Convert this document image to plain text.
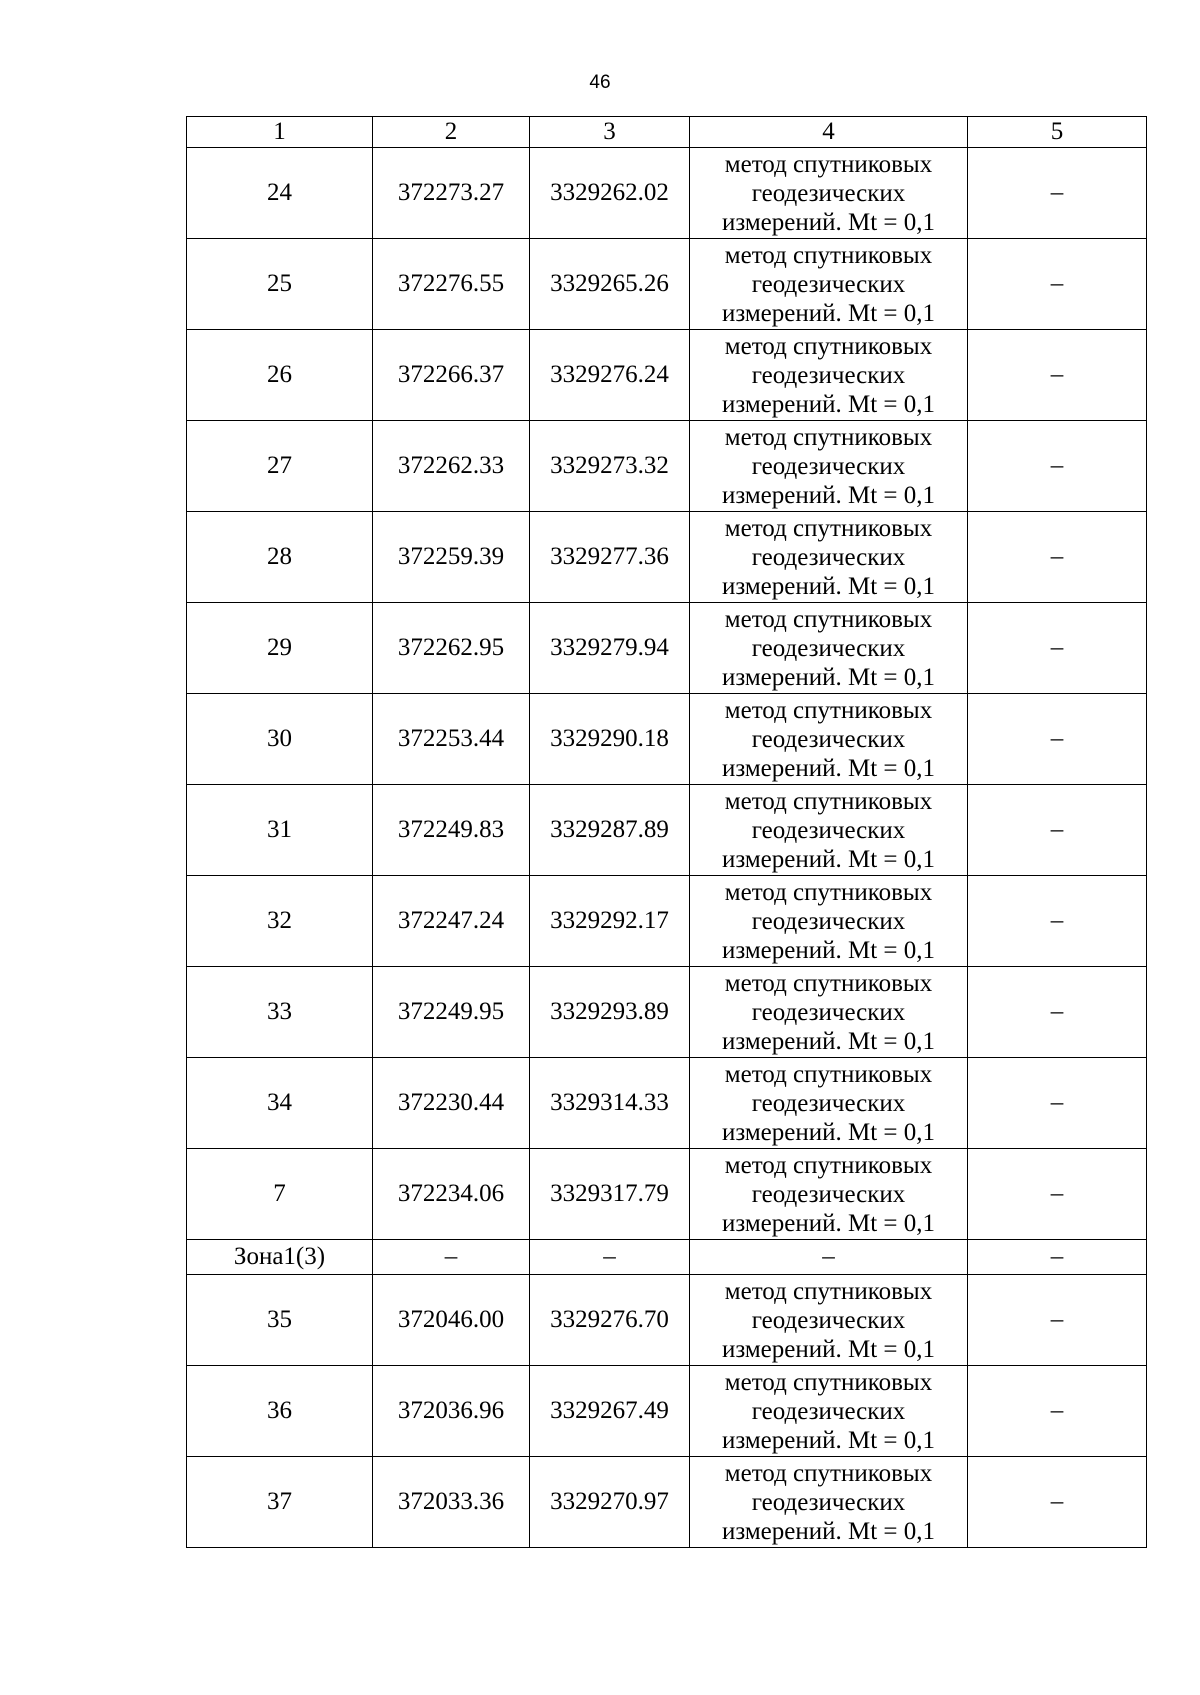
46
1	2	3	4	5
24	372273.27	3329262.02	метод спутниковых
геодезических
измерений. Mt = 0,1	–
25	372276.55	3329265.26	метод спутниковых
геодезических
измерений. Mt = 0,1	–
26	372266.37	3329276.24	метод спутниковых
геодезических
измерений. Mt = 0,1	–
27	372262.33	3329273.32	метод спутниковых
геодезических
измерений. Mt = 0,1	–
28	372259.39	3329277.36	метод спутниковых
геодезических
измерений. Mt = 0,1	–
29	372262.95	3329279.94	метод спутниковых
геодезических
измерений. Mt = 0,1	–
30	372253.44	3329290.18	метод спутниковых
геодезических
измерений. Mt = 0,1	–
31	372249.83	3329287.89	метод спутниковых
геодезических
измерений. Mt = 0,1	–
32	372247.24	3329292.17	метод спутниковых
геодезических
измерений. Mt = 0,1	–
33	372249.95	3329293.89	метод спутниковых
геодезических
измерений. Mt = 0,1	–
34	372230.44	3329314.33	метод спутниковых
геодезических
измерений. Mt = 0,1	–
7	372234.06	3329317.79	метод спутниковых
геодезических
измерений. Mt = 0,1	–
Зона1(3)	–	–	–	–
35	372046.00	3329276.70	метод спутниковых
геодезических
измерений. Mt = 0,1	–
36	372036.96	3329267.49	метод спутниковых
геодезических
измерений. Mt = 0,1	–
37	372033.36	3329270.97	метод спутниковых
геодезических
измерений. Mt = 0,1	–
